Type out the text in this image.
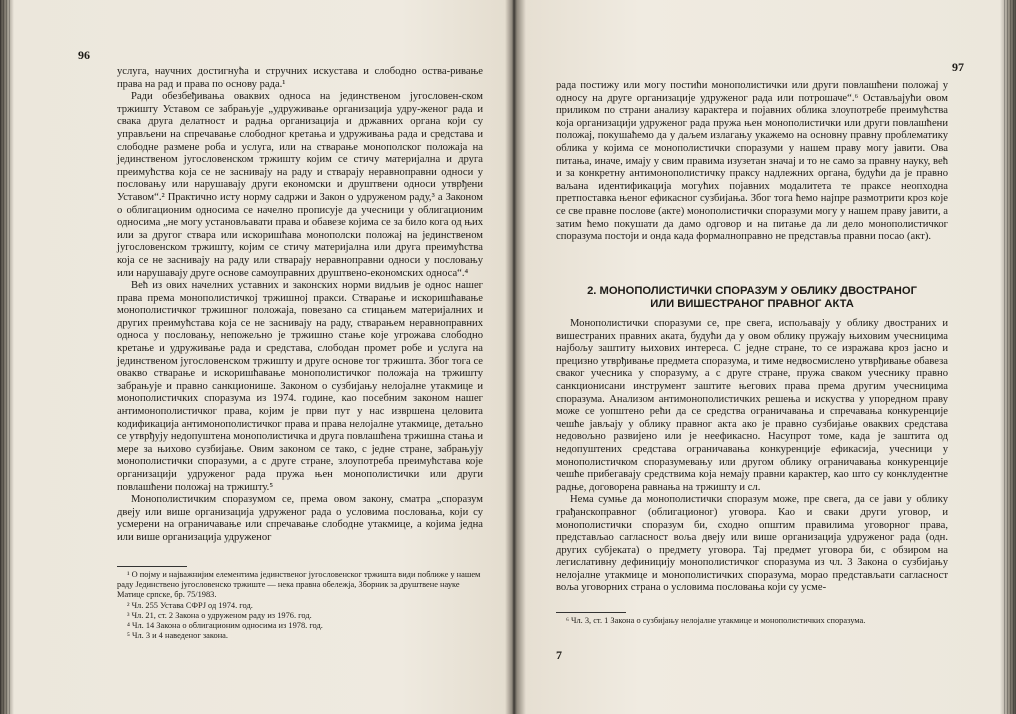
96

услуга, научних достигнућа и стручних искустава и слободно оства-ривање права на рад и права по основу рада.¹

Ради обезбеђивања оваквих односа на јединственом југословен-ском тржишту Уставом се забрањује „удруживање организација удру-женог рада и свака друга делатност и радња организација и државних органа који су управљени на спречавање слободног кретања и удруживања рада и средстава и слободне размене роба и услуга, или на стварање монополског положаја на јединственом југословенском тржишту којим се стичу материјална и друга преимућства која се не заснивају на раду и стварају неравноправни односи у пословању или нарушавају други економски и друштвени односи утврђени Уставом“.² Практично исту норму садржи и Закон о удруженом раду,³ а Законом о облигационим односима се начелно прописује да учесници у облигационим односима „не могу установљавати права и обавезе којима се за било кога од њих или за другог ствара или искоришћава монополски положај на јединственом југословенском тржишту, којим се стичу материјална или друга преимућства која се не заснивају на раду или стварају неравноправни односи у пословању или нарушавају друге основе самоуправних друштвено-економских односа“.⁴

Већ из ових начелних уставних и законских норми видљив је однос нашег права према монополистичкој тржишној пракси. Стварање и искоришћавање монополистичког тржишног положаја, повезано са стицањем материјалних и других преимућстава која се не заснивају на раду, стварањем неравноправних односа у пословању, непожељно је тржишно стање које угрожава слободно кретање и удруживање рада и средстава, слободан промет робе и услуга на јединственом југословенском тржишту и друге основе тог тржишта. Због тога се овакво стварање и искоришћавање монополистичког положаја на тржишту забрањује и правно санкционише. Законом о сузбијању нелојалне утакмице и монополистичких споразума из 1974. године, као посебним законом нашег антимонополистичког права, којим је први пут у нас извршена целовита кодификација антимонополистичког права и права нелојалне утакмице, детаљно се утврђују недопуштена монополистичка и друга повлашћена тржишна стања и мере за њихово сузбијање. Овим законом се тако, с једне стране, забрањују монополистички споразуми, а с друге стране, злоупотреба преимућстава које организацији удруженог рада пружа њен монополистички или други повлашћени положај на тржишту.⁵

Монополистичким споразумом се, према овом закону, сматра „споразум двеју или више организација удруженог рада о условима пословања, који су усмерени на ограничавање или спречавање слободне утакмице, а којима једна или више организација удруженог

¹ О појму и најважнијим елементима јединственог југословенског тржишта види поближе у нашем раду Јединствено југословенско тржиште — нека правна обележја, Зборник за друштвене науке Матице српске, бр. 75/1983.
² Чл. 255 Устава СФРЈ од 1974. год.
³ Чл. 21, ст. 2 Закона о удруженом раду из 1976. год.
⁴ Чл. 14 Закона о облигационим односима из 1978. год.
⁵ Чл. 3 и 4 наведеног закона.
97

рада постижу или могу постићи монополистички или други повлашћени положај у односу на друге организације удруженог рада или потрошаче“.⁶ Остављајући овом приликом по страни анализу карактера и појавних облика злоупотребе преимућства која организацији удруженог рада пружа њен монополистички или други повлашћени положај, покушаћемо да у даљем излагању укажемо на основну правну проблематику облика у којима се монополистички споразуми у нашем праву могу јавити. Ова питања, иначе, имају у свим правима изузетан значај и то не само за правну науку, већ и за конкретну антимонополистичку праксу надлежних органа, будући да је правно ваљана идентификација могућих појавних модалитета те праксе неопходна претпоставка њеног ефикасног сузбијања. Због тога ћемо најпре размотрити кроз које се све правне послове (акте) монополистички споразуми могу у нашем праву јавити, а затим ћемо покушати да дамо одговор и на питање да ли дело монополистичког споразума постоји и онда када формалноправно не представља правни посао (акт).

2. МОНОПОЛИСТИЧКИ СПОРАЗУМ У ОБЛИКУ ДВОСТРАНОГ
ИЛИ ВИШЕСТРАНОГ ПРАВНОГ АКТА

Монополистички споразуми се, пре свега, испољавају у облику двостраних и вишестраних правних аката, будући да у овом облику пружају њиховим учесницима најбољу заштиту њихових интереса. С једне стране, то се изражава кроз јасно и прецизно утврђивање предмета споразума, и тиме недвосмислено утврђивање обавеза сваког учесника у споразуму, а с друге стране, пружа сваком учеснику правно санкционисани инструмент заштите његових права према другим учесницима споразума. Анализом антимонополистичких решења и искуства у упоредном праву може се уопштено рећи да се средства ограничавања и спречавања конкуренције чешће јављају у облику правног акта ако је правно сузбијање оваквих средстава недовољно развијено или је неефикасно. Насупрот томе, када је заштита од недопуштених средстава ограничавања конкуренције ефикасија, учесници у монополистичком споразумевању или другом облику ограничавања конкуренције чешће прибегавају средствима која немају правни карактер, као што су конклудентне радње, договорена равнања на тржишту и сл.

Нема сумње да монополистички споразум може, пре свега, да се јави у облику грађанскоправног (облигационог) уговора. Као и сваки други уговор, и монополистички споразум би, сходно општим правилима уговорног права, представљао сагласност воља двеју или више организација удруженог рада (одн. других субјеката) о предмету уговора. Тај предмет уговора би, с обзиром на легислативну дефиницију монополистичког споразума из чл. 3 Закона о сузбијању нелојалне утакмице и монополистичких споразума, морао представљати сагласност воља уговорних страна о условима пословања који су усме-

⁶ Чл. 3, ст. 1 Закона о сузбијању нелојалне утакмице и монополистичких споразума.
7
